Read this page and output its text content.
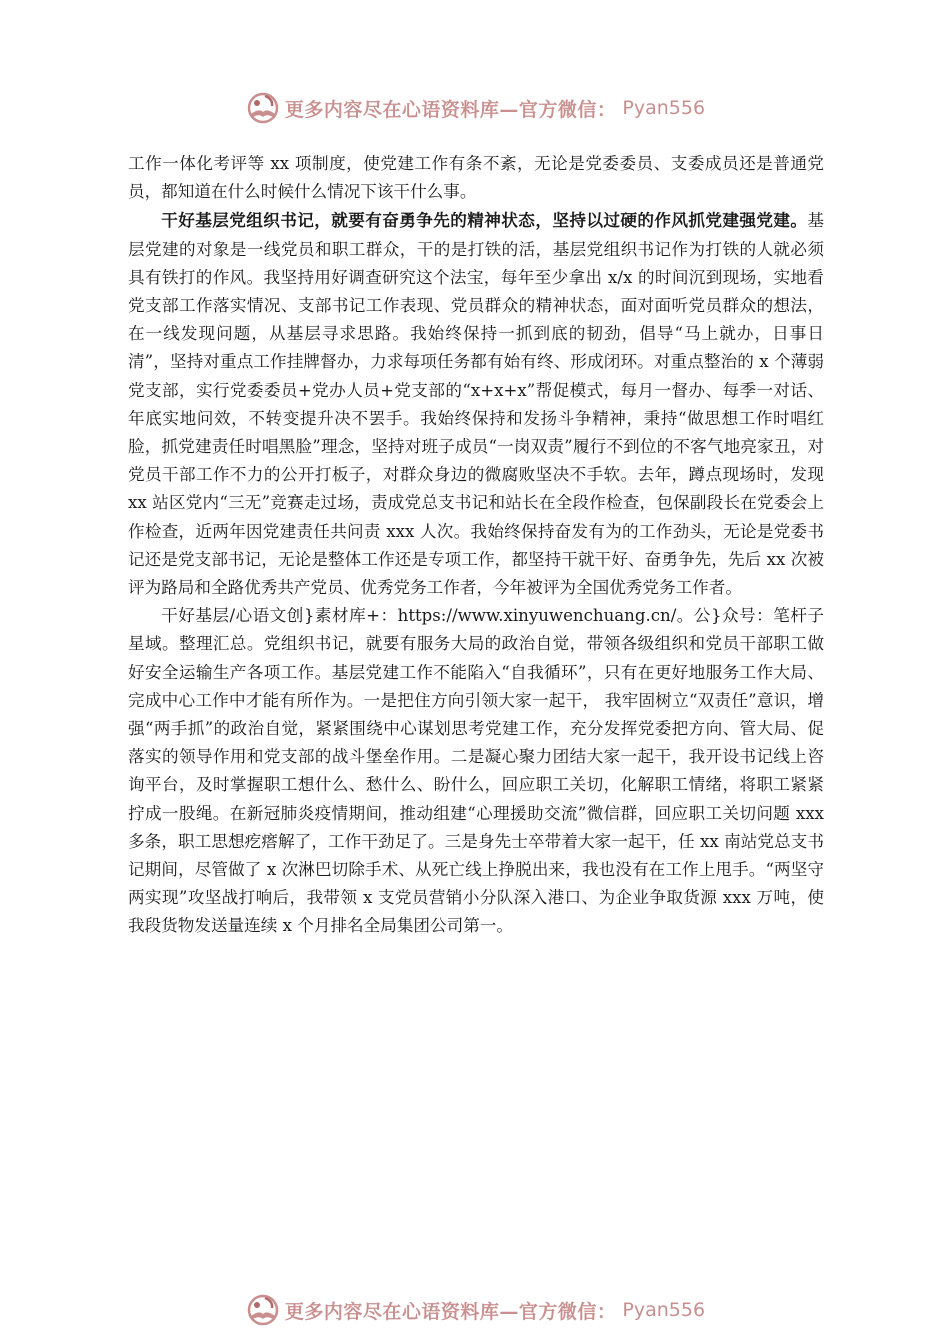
更多内容尽在心语资料库—官方微信： Pyan556

工作一体化考评等 xx 项制度，使党建工作有条不紊，无论是党委委员、支委成员还是普通党员，都知道在什么时候什么情况下该干什么事。

干好基层党组织书记，就要有奋勇争先的精神状态，坚持以过硬的作风抓党建强党建。基层党建的对象是一线党员和职工群众，干的是打铁的活，基层党组织书记作为打铁的人就必须具有铁打的作风。我坚持用好调查研究这个法宝，每年至少拿出 x/x 的时间沉到现场，实地看党支部工作落实情况、支部书记工作表现、党员群众的精神状态，面对面听党员群众的想法，在一线发现问题，从基层寻求思路。我始终保持一抓到底的韧劲，倡导“马上就办，日事日清”，坚持对重点工作挂牌督办，力求每项任务都有始有终、形成闭环。对重点整治的 x 个薄弱党支部，实行党委委员+党办人员+党支部的“x+x+x”帮促模式，每月一督办、每季一对话、年底实地问效，不转变提升决不罢手。我始终保持和发扬斗争精神，秉持“做思想工作时唱红脸，抓党建责任时唱黑脸”理念，坚持对班子成员“一岗双责”履行不到位的不客气地亮家丑，对党员干部工作不力的公开打板子，对群众身边的微腐败坚决不手软。去年，蹲点现场时，发现 xx 站区党内“三无”竞赛走过场，责成党总支书记和站长在全段作检查，包保副段长在党委会上作检查，近两年因党建责任共问责 xxx 人次。我始终保持奋发有为的工作劲头，无论是党委书记还是党支部书记，无论是整体工作还是专项工作，都坚持干就干好、奋勇争先，先后 xx 次被评为路局和全路优秀共产党员、优秀党务工作者，今年被评为全国优秀党务工作者。

干好基层/心语文创}素材库+：https://www.xinyuwenchuang.cn/。公}众号：笔杆子星域。整理汇总。党组织书记，就要有服务大局的政治自觉，带领各级组织和党员干部职工做好安全运输生产各项工作。基层党建工作不能陷入“自我循环”，只有在更好地服务工作大局、完成中心工作中才能有所作为。一是把住方向引领大家一起干， 我牢固树立“双责任”意识，增强“两手抓”的政治自觉，紧紧围绕中心谋划思考党建工作，充分发挥党委把方向、管大局、促落实的领导作用和党支部的战斗堡垒作用。二是凝心聚力团结大家一起干，我开设书记线上咨询平台，及时掌握职工想什么、愁什么、盼什么，回应职工关切，化解职工情绪，将职工紧紧拧成一股绳。在新冠肺炎疫情期间，推动组建“心理援助交流”微信群，回应职工关切问题 xxx 多条，职工思想疙瘩解了，工作干劲足了。三是身先士卒带着大家一起干，任 xx 南站党总支书记期间，尽管做了 x 次淋巴切除手术、从死亡线上挣脱出来，我也没有在工作上甩手。“两坚守两实现”攻坚战打响后，我带领 x 支党员营销小分队深入港口、为企业争取货源 xxx 万吨，使我段货物发送量连续 x 个月排名全局集团公司第一。

更多内容尽在心语资料库—官方微信： Pyan556
